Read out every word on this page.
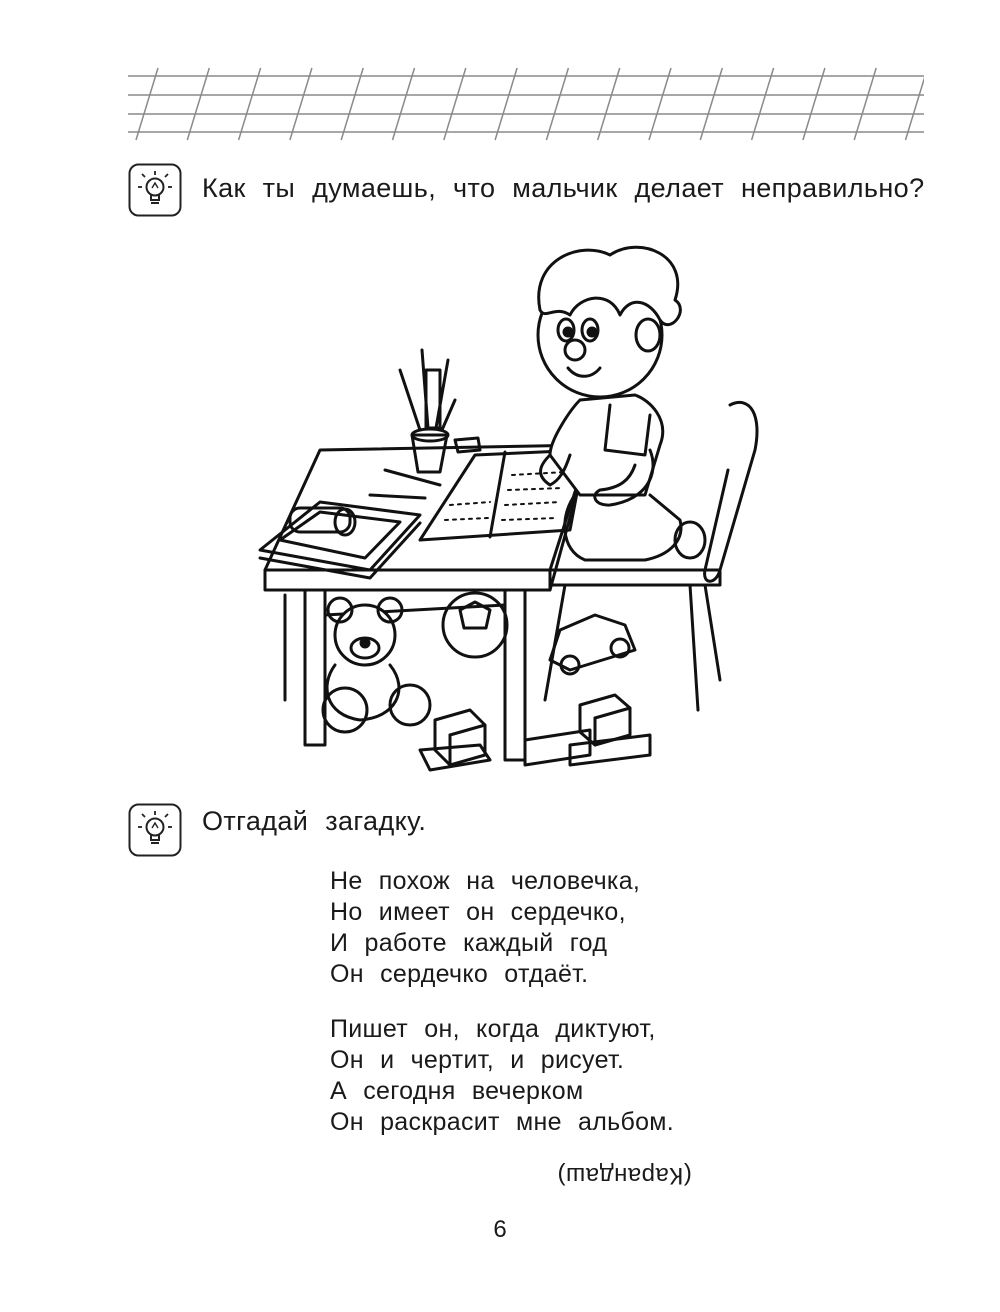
Как ты думаешь, что мальчик делает неправильно?
Отгадай загадку.
Не похож на человечка,
Но имеет он сердечко,
И работе каждый год
Он сердечко отдаёт.
Пишет он, когда диктуют,
Он и чертит, и рисует.
А сегодня вечерком
Он раскрасит мне альбом.
(Карандаш)
6
